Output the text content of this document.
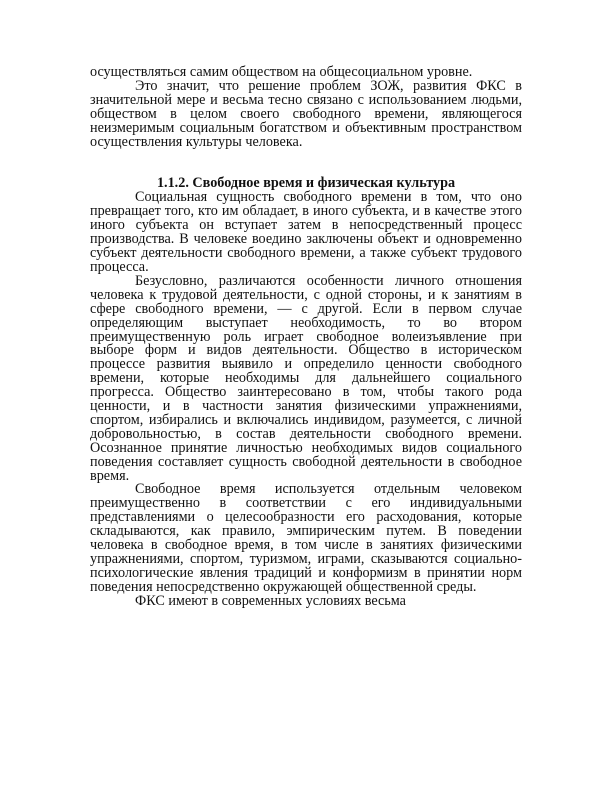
осуществляться самим обществом на общесоциальном уровне.

Это значит, что решение проблем ЗОЖ, развития ФКС в значительной мере и весьма тесно связано с использованием людьми, обществом в целом своего свободного времени, являющегося неизмеримым социальным богатством и объективным пространством осуществления культуры человека.

1.1.2. Свободное время и физическая культура

Социальная сущность свободного времени в том, что оно превращает того, кто им обладает, в иного субъекта, и в качестве этого иного субъекта он вступает затем в непосредственный процесс производства. В человеке воедино заключены объект и одновременно субъект деятельности свободного времени, а также субъект трудового процесса.

Безусловно, различаются особенности личного отношения человека к трудовой деятельности, с одной стороны, и к занятиям в сфере свободного времени, — с другой. Если в первом случае определяющим выступает необходимость, то во втором преимущественную роль играет свободное волеизъявление при выборе форм и видов деятельности. Общество в историческом процессе развития выявило и определило ценности свободного времени, которые необходимы для дальнейшего социального прогресса. Общество заинтересовано в том, чтобы такого рода ценности, и в частности занятия физическими упражнениями, спортом, избирались и включались индивидом, разумеется, с личной добровольностью, в состав деятельности свободного времени. Осознанное принятие личностью необходимых видов социального поведения составляет сущность свободной деятельности в свободное время.

Свободное время используется отдельным человеком преимущественно в соответствии с его индивидуальными представлениями о целесообразности его расходования, которые складываются, как правило, эмпирическим путем. В поведении человека в свободное время, в том числе в занятиях физическими упражнениями, спортом, туризмом, играми, сказываются социально-психологические явления традиций и конформизм в принятии норм поведения непосредственно окружающей общественной среды.

ФКС имеют в современных условиях весьма
